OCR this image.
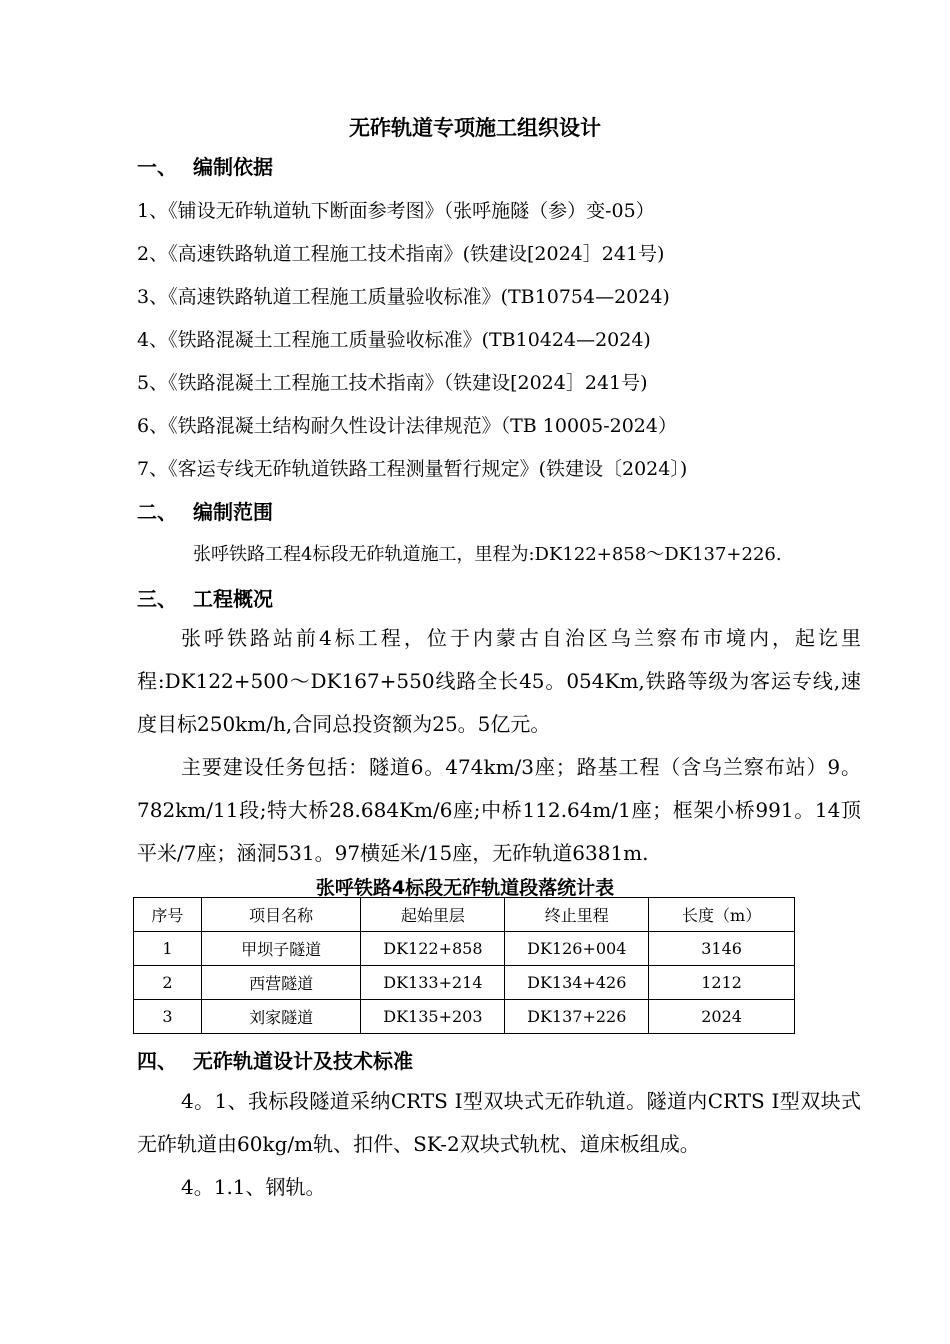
无砟轨道专项施工组织设计
一、 编制依据
1、《铺设无砟轨道轨下断面参考图》（张呼施隧（参）变-05）
2、《高速铁路轨道工程施工技术指南》(铁建设[2024］241号)
3、《高速铁路轨道工程施工质量验收标准》(TB10754—2024)
4、《铁路混凝土工程施工质量验收标准》(TB10424—2024)
5、《铁路混凝土工程施工技术指南》（铁建设[2024］241号)
6、《铁路混凝土结构耐久性设计法律规范》（TB 10005-2024）
7、《客运专线无砟轨道铁路工程测量暂行规定》(铁建设〔2024〕)
二、 编制范围
张呼铁路工程4标段无砟轨道施工，里程为:DK122+858～DK137+226.
三、 工程概况
张呼铁路站前4标工程，位于内蒙古自治区乌兰察布市境内，起讫里程:DK122+500～DK167+550线路全长45。054Km,铁路等级为客运专线,速度目标250km/h,合同总投资额为25。5亿元。
主要建设任务包括：隧道6。474km/3座；路基工程（含乌兰察布站）9。782km/11段;特大桥28.684Km/6座;中桥112.64m/1座；框架小桥991。14顶平米/7座；涵洞531。97横延米/15座，无砟轨道6381m.
张呼铁路4标段无砟轨道段落统计表
序号	项目名称	起始里层	终止里程	长度（m）
1	甲坝子隧道	DK122+858	DK126+004	3146
2	西营隧道	DK133+214	DK134+426	1212
3	刘家隧道	DK135+203	DK137+226	2024
四、 无砟轨道设计及技术标准
4。1、我标段隧道采纳CRTS Ⅰ型双块式无砟轨道。隧道内CRTS Ⅰ型双块式无砟轨道由60kg/m轨、扣件、SK-2双块式轨枕、道床板组成。
4。1.1、钢轨。
